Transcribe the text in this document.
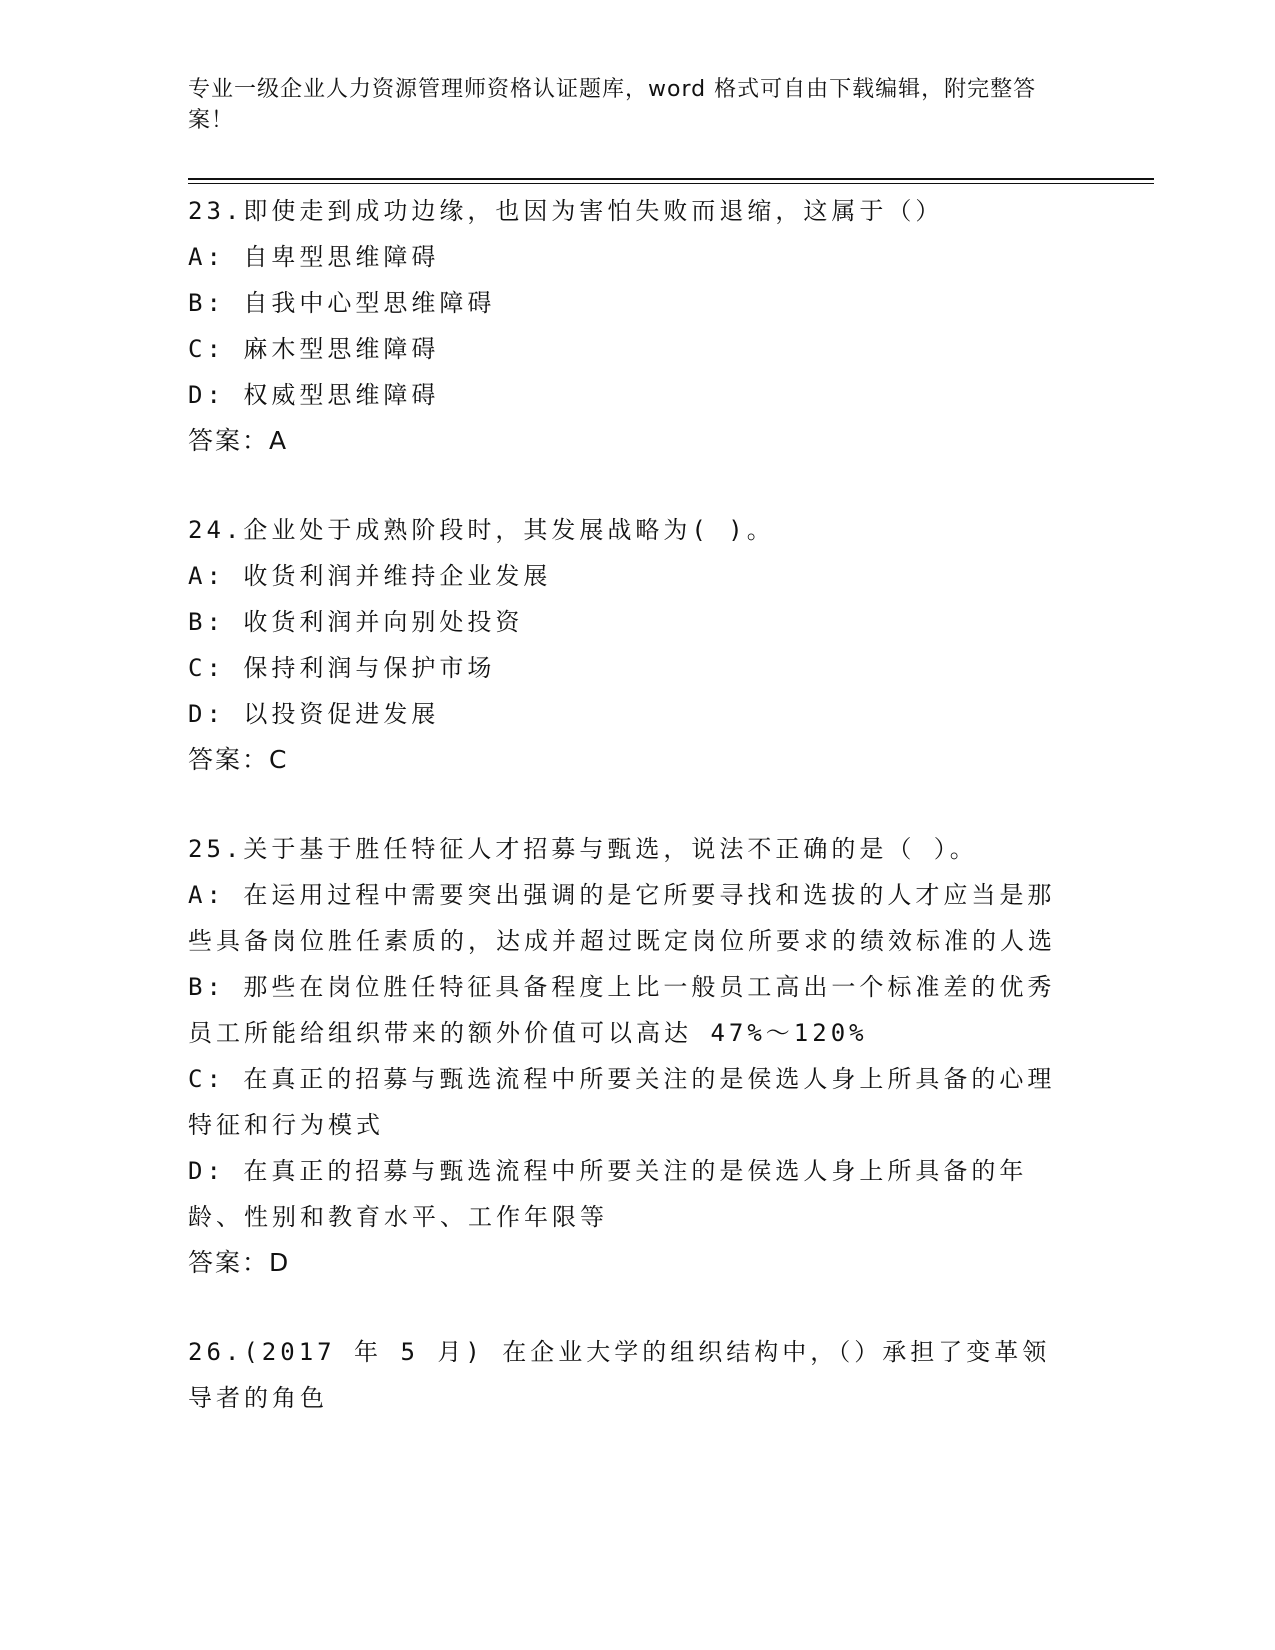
专业一级企业人力资源管理师资格认证题库，word 格式可自由下载编辑，附完整答案！

23.即使走到成功边缘，也因为害怕失败而退缩，这属于（）

A: 自卑型思维障碍

B: 自我中心型思维障碍

C: 麻木型思维障碍

D: 权威型思维障碍

答案：A

24.企业处于成熟阶段时，其发展战略为( )。

A: 收货利润并维持企业发展

B: 收货利润并向别处投资

C: 保持利润与保护市场

D: 以投资促进发展

答案：C

25.关于基于胜任特征人才招募与甄选，说法不正确的是（ ）。

A: 在运用过程中需要突出强调的是它所要寻找和选拔的人才应当是那些具备岗位胜任素质的，达成并超过既定岗位所要求的绩效标准的人选

B: 那些在岗位胜任特征具备程度上比一般员工高出一个标准差的优秀员工所能给组织带来的额外价值可以高达 47%～120%

C: 在真正的招募与甄选流程中所要关注的是侯选人身上所具备的心理特征和行为模式

D: 在真正的招募与甄选流程中所要关注的是侯选人身上所具备的年龄、性别和教育水平、工作年限等

答案：D

26.(2017 年 5 月) 在企业大学的组织结构中，（）承担了变革领导者的角色
